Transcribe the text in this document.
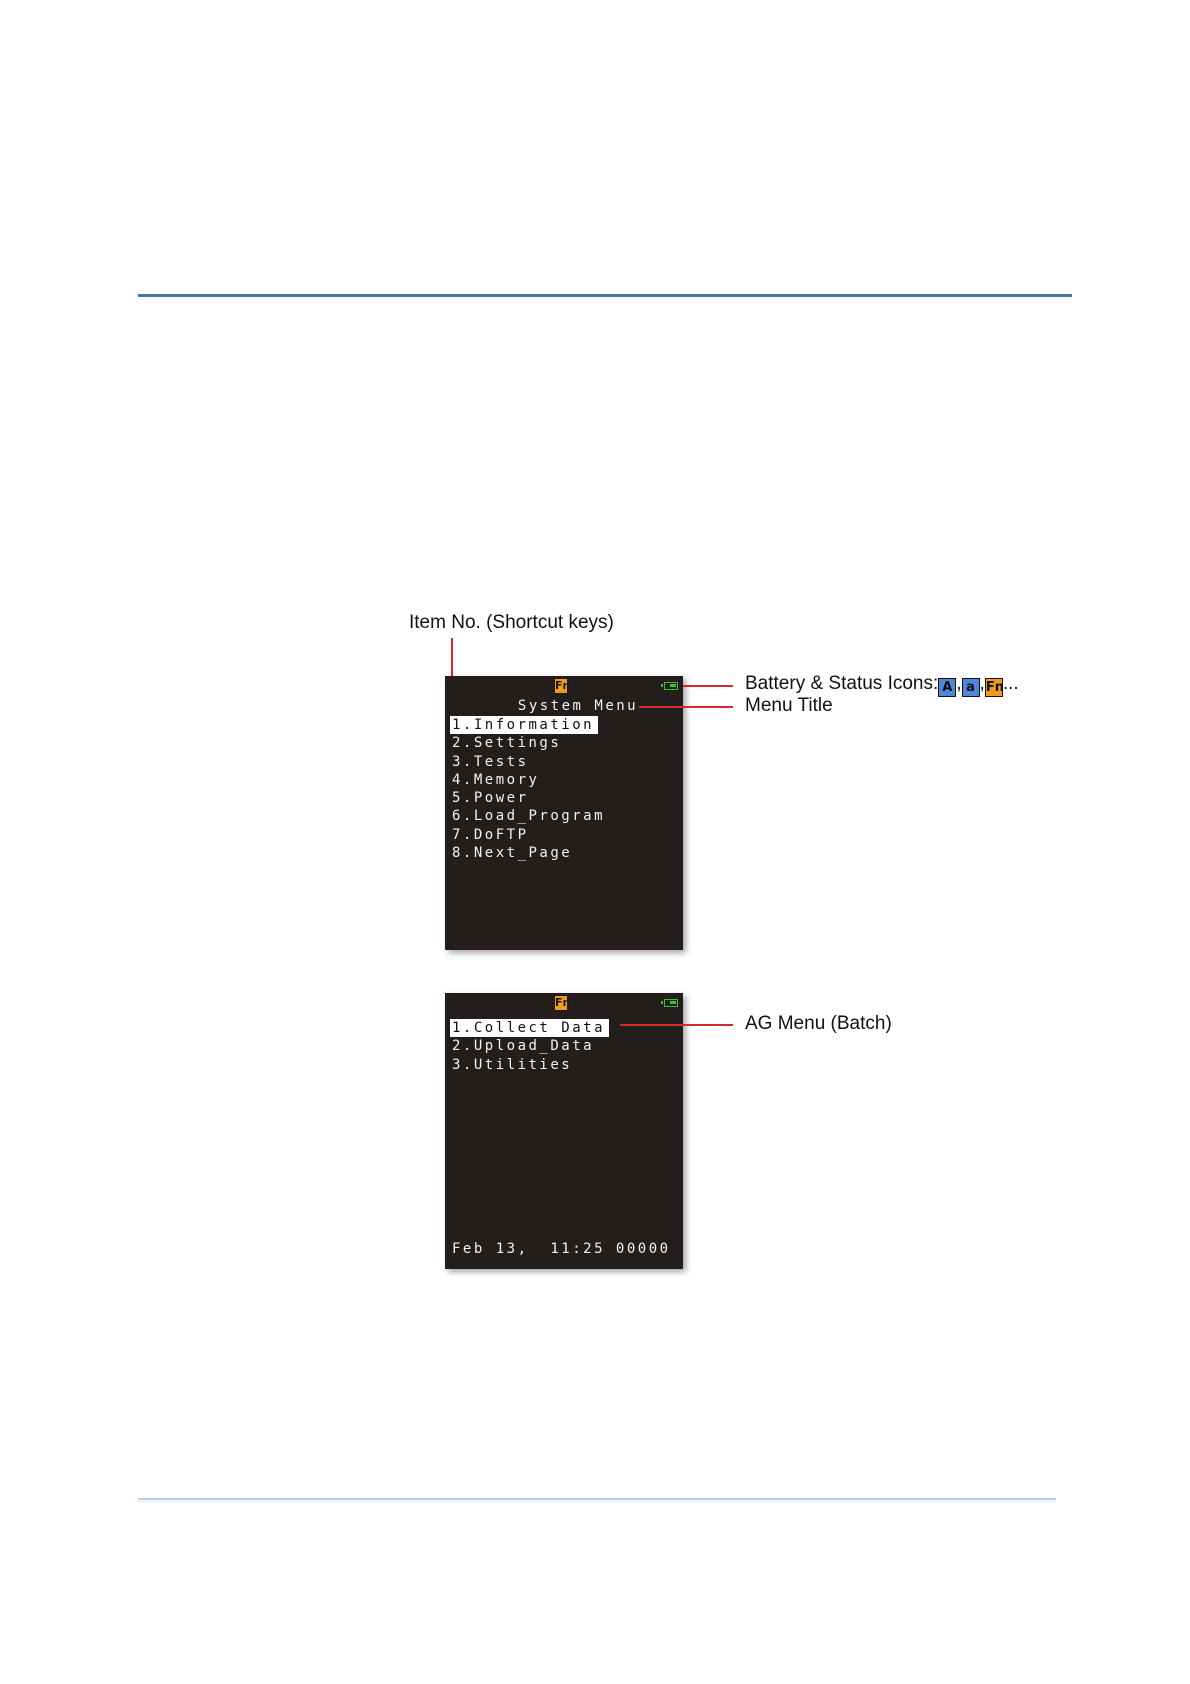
Item No. (Shortcut keys)
Fn
System Menu
1.Information
2.Settings
3.Tests
4.Memory
5.Power
6.Load_Program
7.DoFTP
8.Next_Page
Battery & Status Icons: A , a ,Fn...
Menu Title
Fn
1.Collect Data
2.Upload_Data
3.Utilities
Feb 13,  11:25 00000
AG Menu (Batch)
